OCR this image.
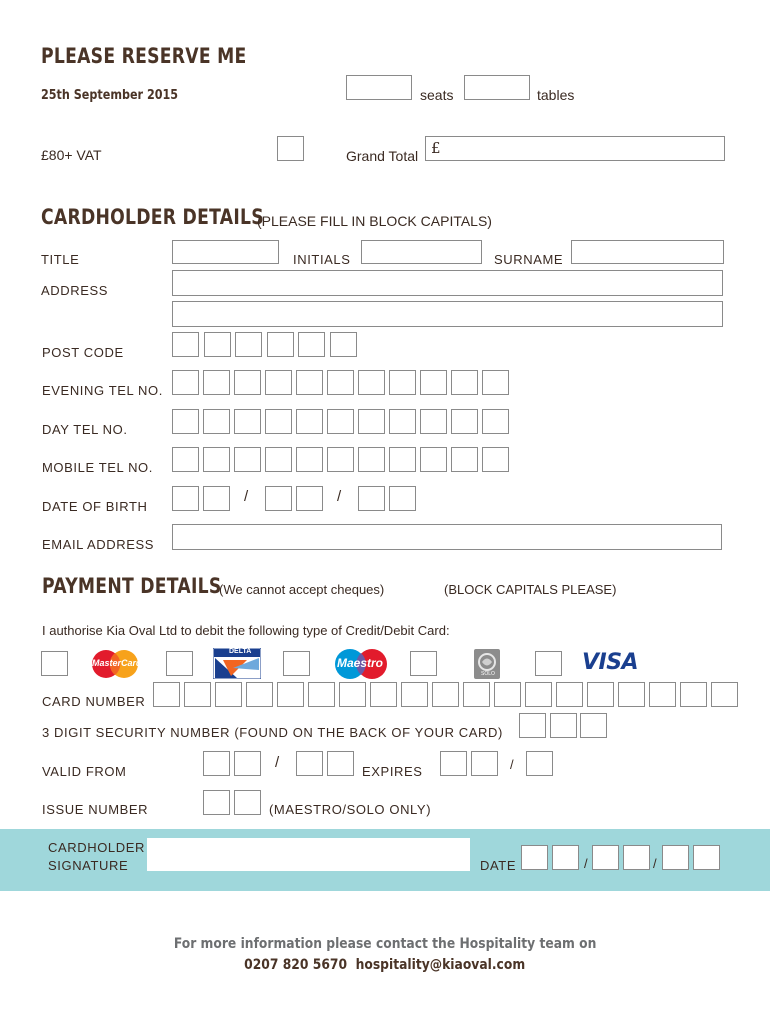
PLEASE RESERVE ME
25th September 2015	seats	tables
£80+ VAT	Grand Total £
CARDHOLDER DETAILS
(PLEASE FILL IN BLOCK CAPITALS)
TITLE	INITIALS	SURNAME
ADDRESS
POST CODE
EVENING TEL NO.
DAY TEL NO.
MOBILE TEL NO.
DATE OF BIRTH
/	/
EMAIL ADDRESS
PAYMENT DETAILS
(We cannot accept cheques)	(BLOCK CAPITALS PLEASE)
I authorise Kia Oval Ltd to debit the following type of Credit/Debit Card:
MasterCard
DELTA
Maestro
SOLO	VISA
CARD NUMBER
3 DIGIT SECURITY NUMBER (FOUND ON THE BACK OF YOUR CARD)
VALID FROM
/
EXPIRES	/
ISSUE NUMBER	(MAESTRO/SOLO ONLY)
CARDHOLDER
SIGNATURE	DATE	/	/
For more information please contact the Hospitality team on
0207 820 5670 hospitality@kiaoval.com
